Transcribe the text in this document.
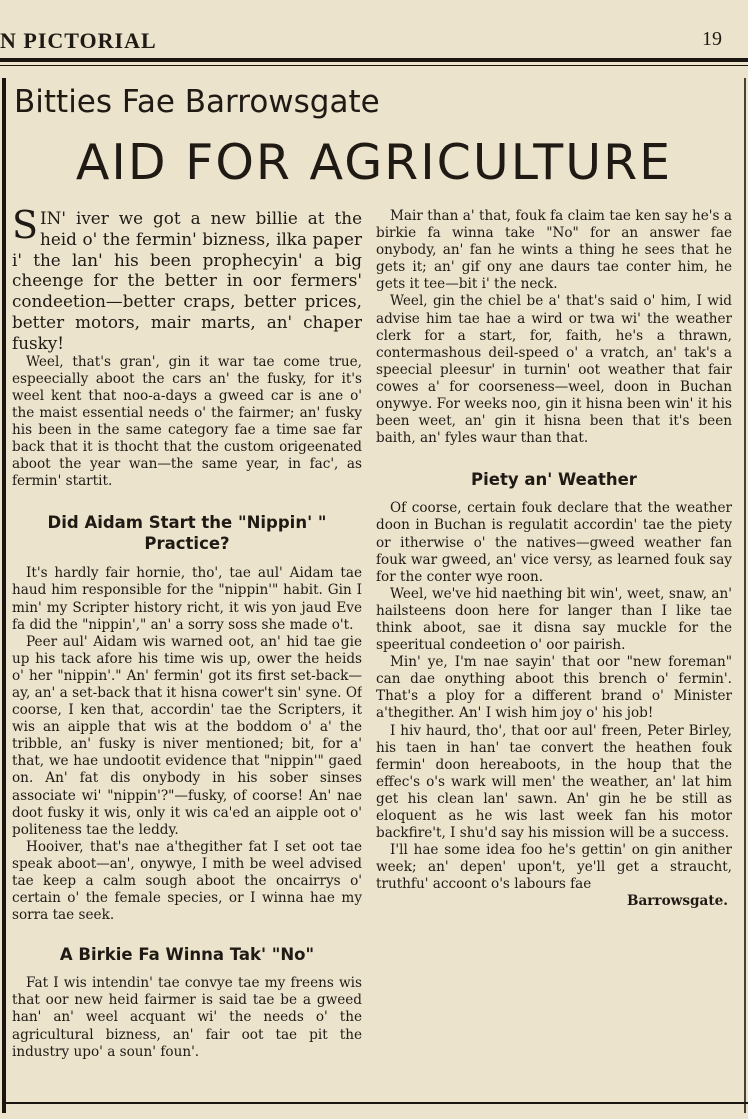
N PICTORIAL	19
Bitties Fae Barrowsgate
AID FOR AGRICULTURE

SIN' iver we got a new billie at the heid o' the fermin' bizness, ilka paper i' the lan' his been prophecyin' a big cheenge for the better in oor fermers' condeetion—better craps, better prices, better motors, mair marts, an' chaper fusky!

Weel, that's gran', gin it war tae come true, espeecially aboot the cars an' the fusky, for it's weel kent that noo-a-days a gweed car is ane o' the maist essential needs o' the fairmer; an' fusky his been in the same category fae a time sae far back that it is thocht that the custom origeenated aboot the year wan—the same year, in fac', as fermin' startit.

Did Aidam Start the "Nippin' " Practice?

It's hardly fair hornie, tho', tae aul' Aidam tae haud him responsible for the "nippin'" habit. Gin I min' my Scripter history richt, it wis yon jaud Eve fa did the "nippin'," an' a sorry soss she made o't.

Peer aul' Aidam wis warned oot, an' hid tae gie up his tack afore his time wis up, ower the heids o' her "nippin'." An' fermin' got its first set-back—ay, an' a set-back that it hisna cower't sin' syne. Of coorse, I ken that, accordin' tae the Scripters, it wis an aipple that wis at the boddom o' a' the tribble, an' fusky is niver mentioned; bit, for a' that, we hae undootit evidence that "nippin'" gaed on. An' fat dis onybody in his sober sinses associate wi' "nippin'?"—fusky, of coorse! An' nae doot fusky it wis, only it wis ca'ed an aipple oot o' politeness tae the leddy.

Hooiver, that's nae a'thegither fat I set oot tae speak aboot—an', onywye, I mith be weel advised tae keep a calm sough aboot the oncairrys o' certain o' the female species, or I winna hae my sorra tae seek.

A Birkie Fa Winna Tak' "No"

Fat I wis intendin' tae convye tae my freens wis that oor new heid fairmer is said tae be a gweed han' an' weel acquant wi' the needs o' the agricultural bizness, an' fair oot tae pit the industry upo' a soun' foun'.

Mair than a' that, fouk fa claim tae ken say he's a birkie fa winna take "No" for an answer fae onybody, an' fan he wints a thing he sees that he gets it; an' gif ony ane daurs tae conter him, he gets it tee—bit i' the neck.

Weel, gin the chiel be a' that's said o' him, I wid advise him tae hae a wird or twa wi' the weather clerk for a start, for, faith, he's a thrawn, contermashous deil-speed o' a vratch, an' tak's a speecial pleesur' in turnin' oot weather that fair cowes a' for coorseness—weel, doon in Buchan onywye. For weeks noo, gin it hisna been win' it his been weet, an' gin it hisna been that it's been baith, an' fyles waur than that.

Piety an' Weather

Of coorse, certain fouk declare that the weather doon in Buchan is regulatit accordin' tae the piety or itherwise o' the natives—gweed weather fan fouk war gweed, an' vice versy, as learned fouk say for the conter wye roon.

Weel, we've hid naething bit win', weet, snaw, an' hailsteens doon here for langer than I like tae think aboot, sae it disna say muckle for the speeritual condeetion o' oor pairish.

Min' ye, I'm nae sayin' that oor "new foreman" can dae onything aboot this brench o' fermin'. That's a ploy for a different brand o' Minister a'thegither. An' I wish him joy o' his job!

I hiv haurd, tho', that oor aul' freen, Peter Birley, his taen in han' tae convert the heathen fouk fermin' doon hereaboots, in the houp that the effec's o's wark will men' the weather, an' lat him get his clean lan' sawn. An' gin he be still as eloquent as he wis last week fan his motor backfire't, I shu'd say his mission will be a success.

I'll hae some idea foo he's gettin' on gin anither week; an' depen' upon't, ye'll get a straucht, truthfu' accoont o's labours fae

Barrowsgate.
